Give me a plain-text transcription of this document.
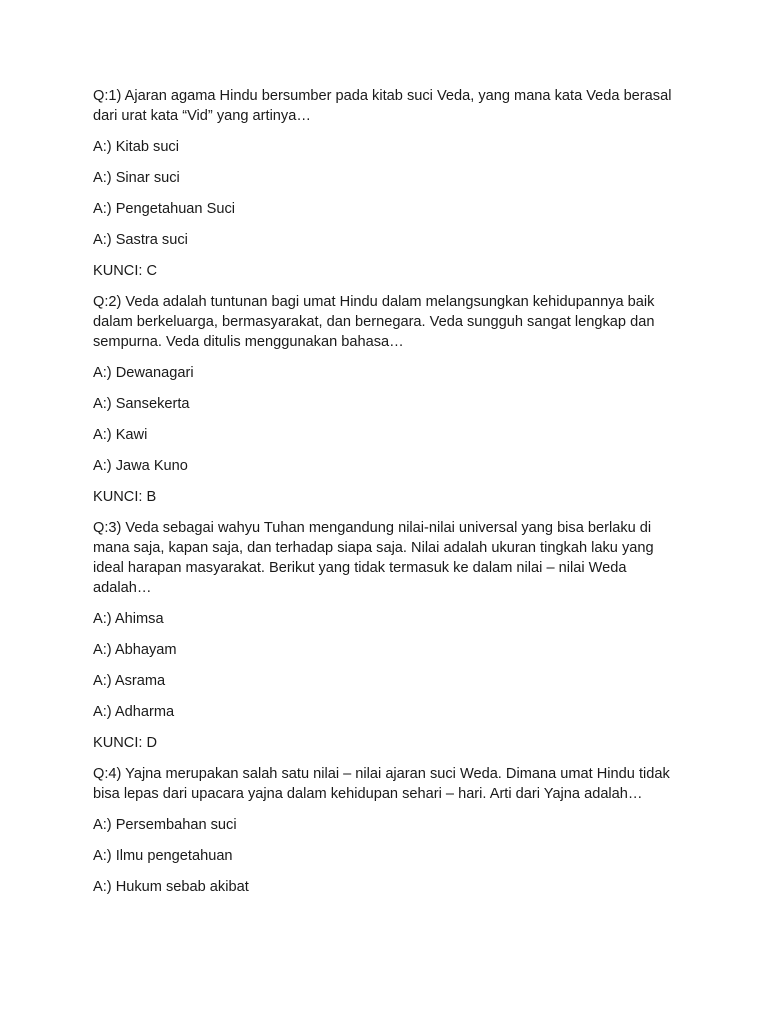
Q:1) Ajaran agama Hindu bersumber pada kitab suci Veda, yang mana kata Veda berasal dari urat kata “Vid” yang artinya…

A:) Kitab suci

A:) Sinar suci

A:) Pengetahuan Suci

A:) Sastra suci

KUNCI: C

Q:2) Veda adalah tuntunan bagi umat Hindu dalam melangsungkan kehidupannya baik dalam berkeluarga, bermasyarakat, dan bernegara. Veda sungguh sangat lengkap dan sempurna. Veda ditulis menggunakan bahasa…

A:) Dewanagari

A:) Sansekerta

A:) Kawi

A:) Jawa Kuno

KUNCI: B

Q:3) Veda sebagai wahyu Tuhan mengandung nilai-nilai universal yang bisa berlaku di mana saja, kapan saja, dan terhadap siapa saja. Nilai adalah ukuran tingkah laku yang ideal harapan masyarakat. Berikut yang tidak termasuk ke dalam nilai – nilai Weda adalah…

A:) Ahimsa

A:) Abhayam

A:) Asrama

A:) Adharma

KUNCI: D

Q:4) Yajna merupakan salah satu nilai – nilai ajaran suci Weda. Dimana umat Hindu tidak bisa lepas dari upacara yajna dalam kehidupan sehari – hari. Arti dari Yajna adalah…

A:) Persembahan suci

A:) Ilmu pengetahuan

A:) Hukum sebab akibat
